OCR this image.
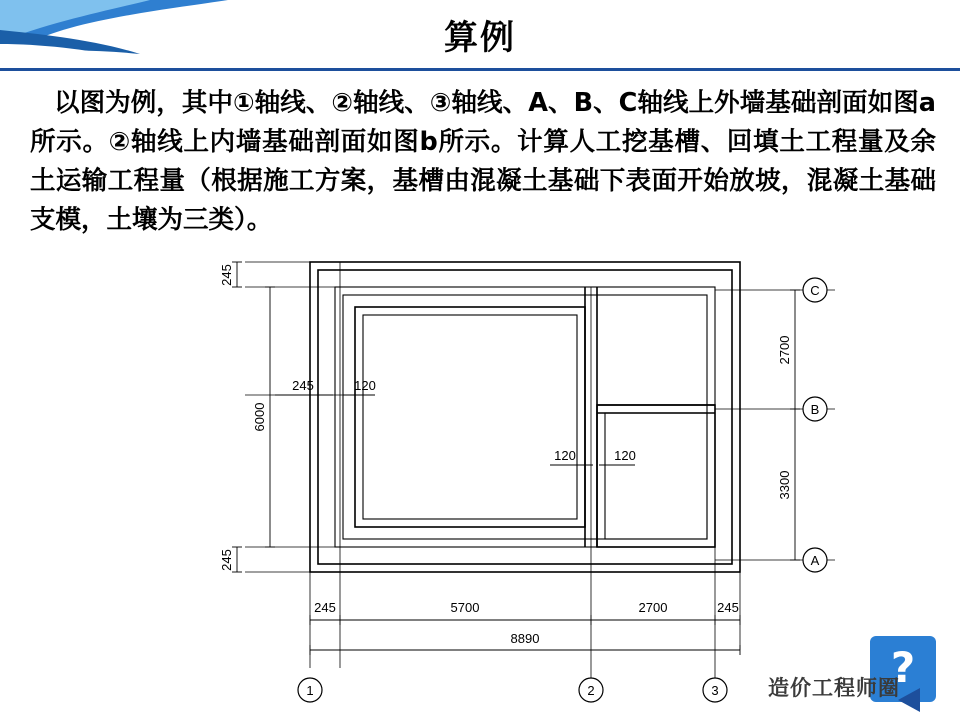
算例
以图为例，其中①轴线、②轴线、③轴线、A、B、C轴线上外墙基础剖面如图a所示。②轴线上内墙基础剖面如图b所示。计算人工挖基槽、回填土工程量及余土运输工程量（根据施工方案，基槽由混凝土基础下表面开始放坡，混凝土基础支模，土壤为三类）。
C
B
A
1	2	3
245
245
6000
2700
3300
245	120
120	120
245	5700	2700	245
8890
?
造价工程师圈
